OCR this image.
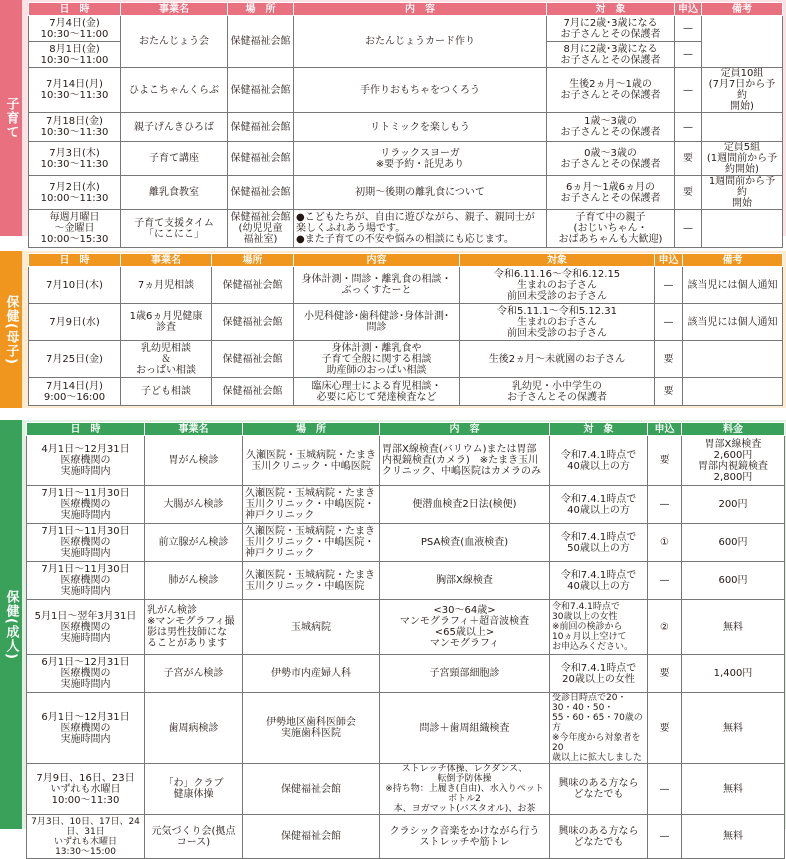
子育て
日　時	事業名	場　所	内　容	対　象	申込	備考
7月4日(金)
10:30～11:00	おたんじょう会	保健福祉会館	おたんじょうカード作り	7月に2歳･3歳になる
お子さんとその保護者	—	
8月1日(金)
10:30～11:00				8月に2歳･3歳になる
お子さんとその保護者	—	
7月14日(月)
10:30～11:30	ひよこちゃんくらぶ	保健福祉会館	手作りおもちゃをつくろう	生後2ヵ月～1歳の
お子さんとその保護者	—	定員10組
(7月7日から予約
開始)
7月18日(金)
10:30～11:30	親子げんきひろば	保健福祉会館	リトミックを楽しもう	1歳～3歳の
お子さんとその保護者	—	
7月3日(木)
10:30～11:30	子育て講座	保健福祉会館	リラックスヨーガ
※要予約・託児あり	0歳～3歳の
お子さんとその保護者	要	定員5組
(1週間前から予
約開始)
7月2日(水)
10:00～11:30	離乳食教室	保健福祉会館	初期～後期の離乳食について	6ヵ月～1歳6ヵ月の
お子さんとその保護者	要	1週間前から予約
開始
毎週月曜日
～金曜日
10:00～15:30	子育て支援タイム
「にこにこ」	保健福祉会館
(幼児児童
福祉室)	●こどもたちが、自由に遊びながら、親子、親同士が
楽しくふれあう場です。
●また子育ての不安や悩みの相談にも応じます。	子育て中の親子
(おじいちゃん・
おばあちゃんも大歓迎)	—	
保健(母子)
日　時	事業名	場所	内容	対象	申込	備考
7月10日(木)	7ヵ月児相談	保健福祉会館	身体計測・問診・離乳食の相談・
ぶっくすたーと	令和6.11.16～令和6.12.15
生まれのお子さん
前回未受診のお子さん	—	該当児には個人通知
7月9日(水)	1歳6ヵ月児健康
診査	保健福祉会館	小児科健診･歯科健診･身体計測･
問診	令和5.11.1～令和5.12.31
生まれのお子さん
前回未受診のお子さん	—	該当児には個人通知
7月25日(金)	乳幼児相談
＆
おっぱい相談	保健福祉会館	身体計測・離乳食や
子育て全般に関する相談
助産師のおっぱい相談	生後2ヵ月～未就園のお子さん	要	
7月14日(月)
9:00～16:00	子ども相談	保健福祉会館	臨床心理士による育児相談・
必要に応じて発達検査など	乳幼児・小中学生の
お子さんとその保護者	要	
保健(成人)
日　時	事業名	場　所	内　容	対　象	申込	料金
4月1日～12月31日
医療機関の
実施時間内	胃がん検診	久瀬医院・玉城病院・たまき
玉川クリニック・中嶋医院	胃部X線検査(バリウム)または胃部
内視鏡検査(カメラ)　※たまき玉川
クリニック、中嶋医院はカメラのみ	令和7.4.1時点で
40歳以上の方	要	胃部X線検査
2,600円
胃部内視鏡検査
2,800円
7月1日～11月30日
医療機関の
実施時間内	大腸がん検診	久瀬医院・玉城病院・たまき
玉川クリニック・中嶋医院・
神戸クリニック	便潜血検査2日法(検便)	令和7.4.1時点で
40歳以上の方	—	200円
7月1日～11月30日
医療機関の
実施時間内	前立腺がん検診	久瀬医院・玉城病院・たまき
玉川クリニック・中嶋医院・
神戸クリニック	PSA検査(血液検査)	令和7.4.1時点で
50歳以上の方	①	600円
7月1日～11月30日
医療機関の
実施時間内	肺がん検診	久瀬医院・玉城病院・たまき
玉川クリニック・中嶋医院	胸部X線検査	令和7.4.1時点で
40歳以上の方	—	600円
5月1日～翌年3月31日
医療機関の
実施時間内	乳がん検診
※マンモグラフィ撮
影は男性技師にな
ることがあります	玉城病院	<30～64歳>
マンモグラフィ＋超音波検査
<65歳以上>
マンモグラフィ	令和7.4.1時点で
30歳以上の女性
※前回の検診から
10ヵ月以上空けて
お申込みください。	②	無料
6月1日～12月31日
医療機関の
実施時間内	子宮がん検診	伊勢市内産婦人科	子宮頸部細胞診	令和7.4.1時点で
20歳以上の女性	要	1,400円
6月1日～12月31日
医療機関の
実施時間内	歯周病検診	伊勢地区歯科医師会
実施歯科医院	問診＋歯周組織検査	受診日時点で20・30・40・50・
55・60・65・70歳の方
※今年度から対象者を20
歳以上に拡大しました	要	無料
7月9日、16日、23日
いずれも水曜日
10:00～11:30	「わ」クラブ
健康体操	保健福祉会館	ストレッチ体操、レクダンス、
転倒予防体操
※持ち物：上履き(自由)、水入りペットボトル2
本、ヨガマット(バスタオル)、お茶	興味のある方なら
どなたでも	—	無料
7月3日、10日、17日、24日、31日
いずれも木曜日
13:30～15:00	元気づくり会(拠点
コース)	保健福祉会館	クラシック音楽をかけながら行う
ストレッチや筋トレ	興味のある方なら
どなたでも	—	無料
